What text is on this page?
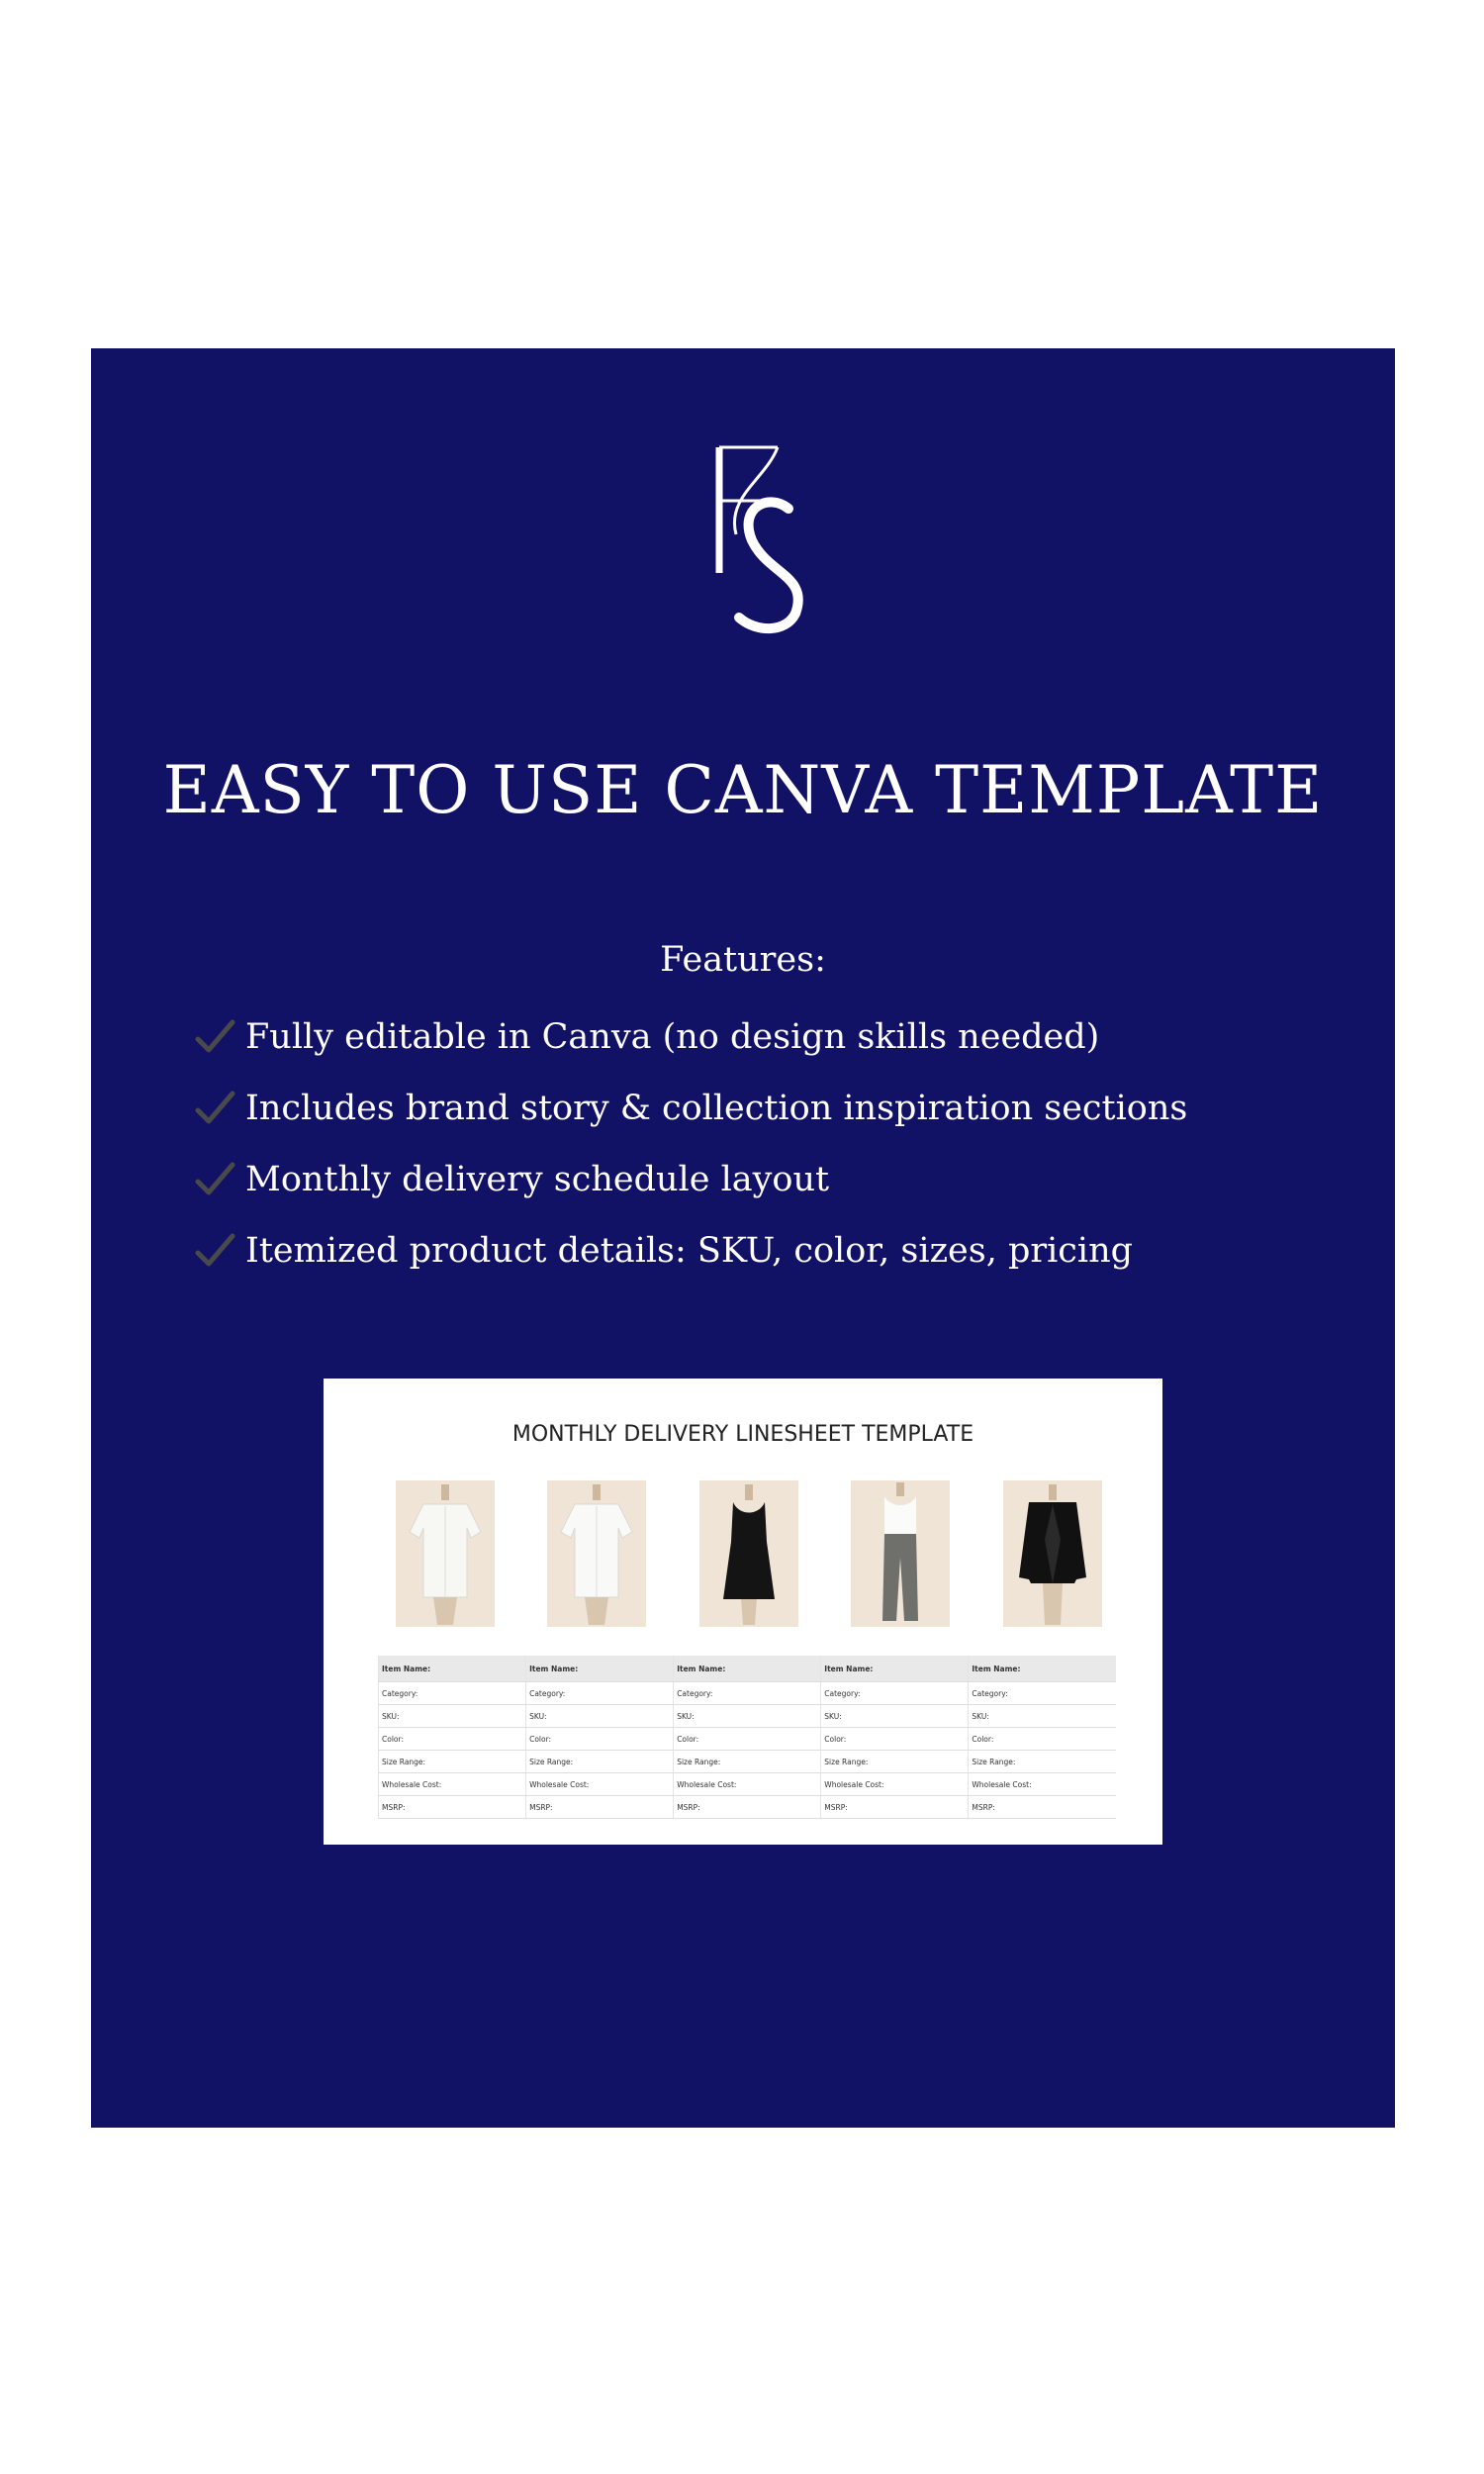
EASY TO USE CANVA TEMPLATE
Features:
Fully editable in Canva (no design skills needed)
Includes brand story & collection inspiration sections
Monthly delivery schedule layout
Itemized product details: SKU, color, sizes, pricing
MONTHLY DELIVERY LINESHEET TEMPLATE
Item Name:	Item Name:	Item Name:	Item Name:	Item Name:
Category:	Category:	Category:	Category:	Category:
SKU:	SKU:	SKU:	SKU:	SKU:
Color:	Color:	Color:	Color:	Color:
Size Range:	Size Range:	Size Range:	Size Range:	Size Range:
Wholesale Cost:	Wholesale Cost:	Wholesale Cost:	Wholesale Cost:	Wholesale Cost:
MSRP:	MSRP:	MSRP:	MSRP:	MSRP:
